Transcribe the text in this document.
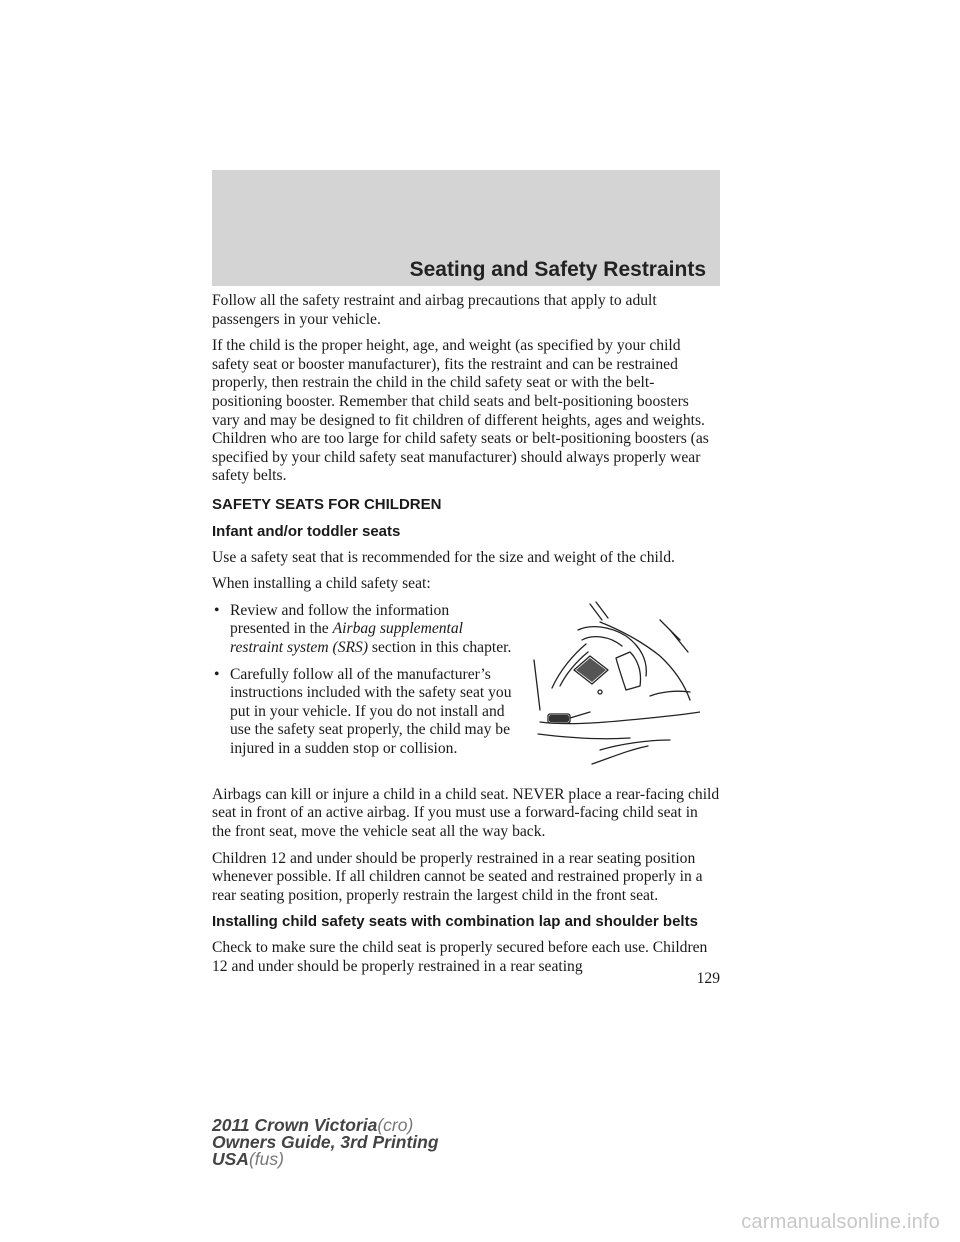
Seating and Safety Restraints

Follow all the safety restraint and airbag precautions that apply to adult passengers in your vehicle.

If the child is the proper height, age, and weight (as specified by your child safety seat or booster manufacturer), fits the restraint and can be restrained properly, then restrain the child in the child safety seat or with the belt-positioning booster. Remember that child seats and belt-positioning boosters vary and may be designed to fit children of different heights, ages and weights. Children who are too large for child safety seats or belt-positioning boosters (as specified by your child safety seat manufacturer) should always properly wear safety belts.

SAFETY SEATS FOR CHILDREN
Infant and/or toddler seats

Use a safety seat that is recommended for the size and weight of the child.

When installing a child safety seat:

• Review and follow the information presented in the Airbag supplemental restraint system (SRS) section in this chapter.
• Carefully follow all of the manufacturer’s instructions included with the safety seat you put in your vehicle. If you do not install and use the safety seat properly, the child may be injured in a sudden stop or collision.

Airbags can kill or injure a child in a child seat. NEVER place a rear-facing child seat in front of an active airbag. If you must use a forward-facing child seat in the front seat, move the vehicle seat all the way back.

Children 12 and under should be properly restrained in a rear seating position whenever possible. If all children cannot be seated and restrained properly in a rear seating position, properly restrain the largest child in the front seat.

Installing child safety seats with combination lap and shoulder belts

Check to make sure the child seat is properly secured before each use. Children 12 and under should be properly restrained in a rear seating

129
2011 Crown Victoria(cro)
Owners Guide, 3rd Printing
USA(fus)
carmanualsonline.info
